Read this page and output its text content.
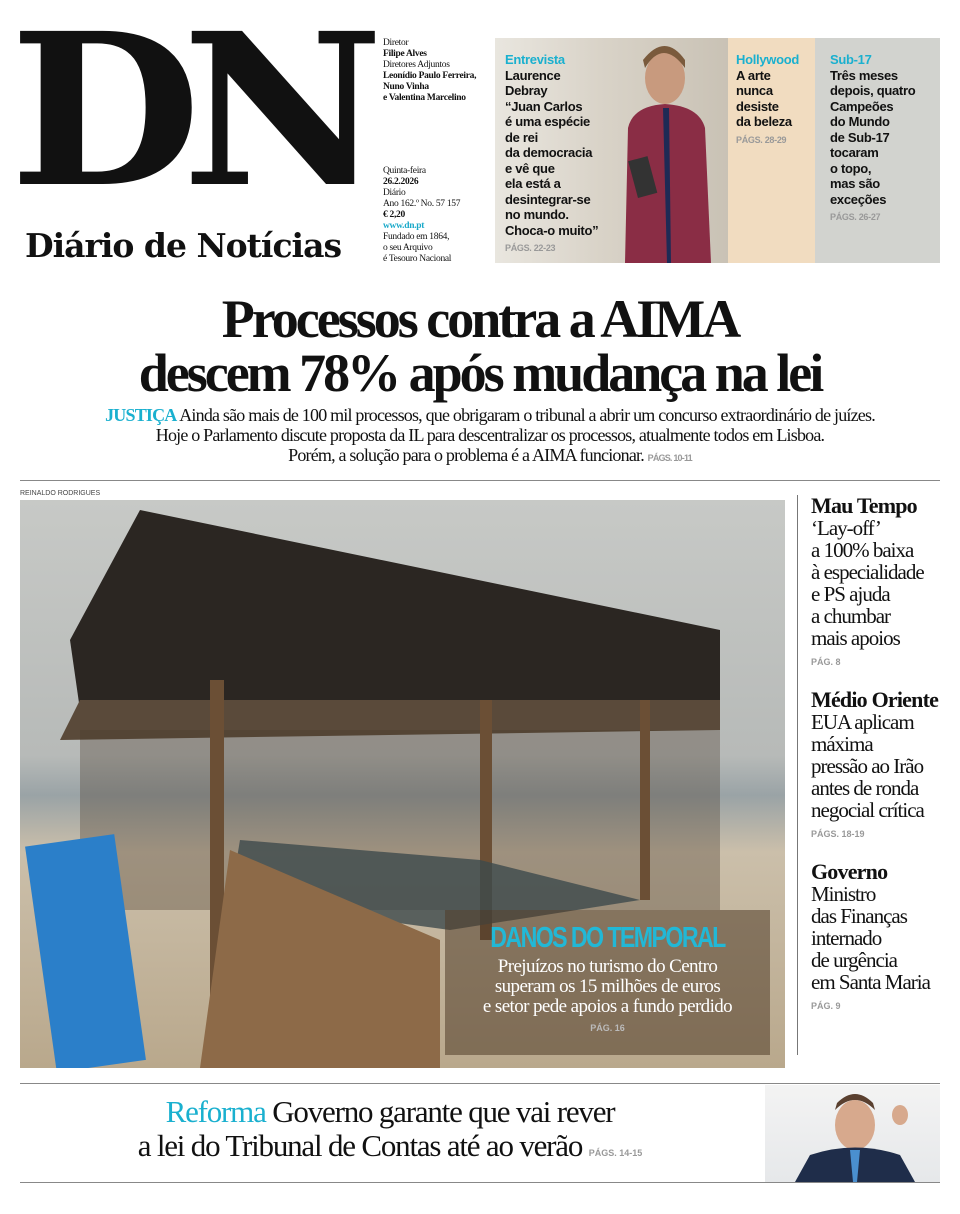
DN
Diário de Notícias
Diretor
Filipe Alves
Diretores Adjuntos
Leonídio Paulo Ferreira,
Nuno Vinha
e Valentina Marcelino
Quinta-feira
26.2.2026
Diário
Ano 162.º No. 57 157
€ 2,20
www.dn.pt
Fundado em 1864,
o seu Arquivo
é Tesouro Nacional
Entrevista
Laurence
Debray
“Juan Carlos
é uma espécie
de rei
da democracia
e vê que
ela está a
desintegrar-se
no mundo.
Choca-o muito”
PÁGS. 22-23
Hollywood
A arte
nunca
desiste
da beleza
PÁGS. 28-29
Sub-17
Três meses
depois, quatro
Campeões
do Mundo
de Sub-17
tocaram
o topo,
mas são
exceções
PÁGS. 26-27
Processos contra a AIMA
descem 78% após mudança na lei
JUSTIÇA Ainda são mais de 100 mil processos, que obrigaram o tribunal a abrir um concurso extraordinário de juízes.
Hoje o Parlamento discute proposta da IL para descentralizar os processos, atualmente todos em Lisboa.
Porém, a solução para o problema é a AIMA funcionar. PÁGS. 10-11
REINALDO RODRIGUES
DANOS DO TEMPORAL
Prejuízos no turismo do Centro
superam os 15 milhões de euros
e setor pede apoios a fundo perdido
PÁG. 16
Mau Tempo
‘Lay-off’
a 100% baixa
à especialidade
e PS ajuda
a chumbar
mais apoios
PÁG. 8
Médio Oriente
EUA aplicam
máxima
pressão ao Irão
antes de ronda
negocial crítica
PÁGS. 18-19
Governo
Ministro
das Finanças
internado
de urgência
em Santa Maria
PÁG. 9
Reforma Governo garante que vai rever
a lei do Tribunal de Contas até ao verão PÁGS. 14-15
